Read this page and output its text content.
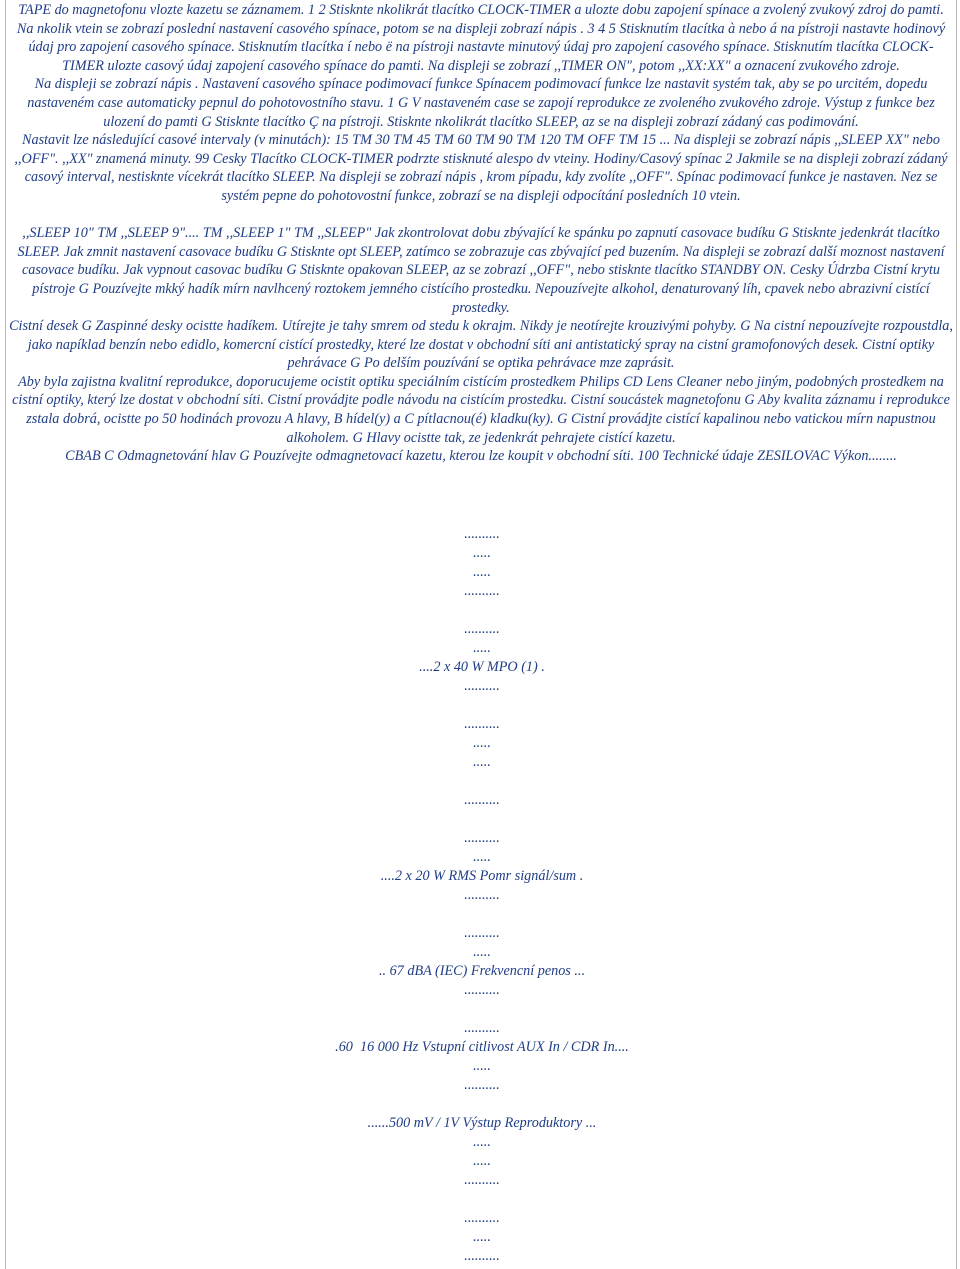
TAPE do magnetofonu vlozte kazetu se záznamem. 1 2 Stisknte nkolikrát tlacítko CLOCK-TIMER a ulozte dobu zapojení spínace a zvolený zvukový zdroj do pamti.

Na nkolik vtein se zobrazí poslední nastavení casového spínace, potom se na displeji zobrazí nápis . 3 4 5 Stisknutím tlacítka à nebo á na pístroji nastavte hodinový údaj pro zapojení casového spínace. Stisknutím tlacítka í nebo ë na pístroji nastavte minutový údaj pro zapojení casového spínace. Stisknutím tlacítka CLOCK-TIMER ulozte casový údaj zapojení casového spínace do pamti. Na displeji se zobrazí ,,TIMER ON", potom ,,XX:XX" a oznacení zvukového zdroje.

Na displeji se zobrazí nápis . Nastavení casového spínace podimovací funkce Spínacem podimovací funkce lze nastavit systém tak, aby se po urcitém, dopedu nastaveném case automaticky pepnul do pohotovostního stavu. 1 G V nastaveném case se zapojí reprodukce ze zvoleného zvukového zdroje. Výstup z funkce bez ulození do pamti G Stisknte tlacítko Ç na pístroji. Stisknte nkolikrát tlacítko SLEEP, az se na displeji zobrazí zádaný cas podimování.

Nastavit lze následující casové intervaly (v minutách): 15 TM 30 TM 45 TM 60 TM 90 TM 120 TM OFF TM 15 ... Na displeji se zobrazí nápis ,,SLEEP XX" nebo ,,OFF". ,,XX" znamená minuty. 99 Cesky Tlacítko CLOCK-TIMER podrzte stisknuté alespo dv vteiny. Hodiny/Casový spínac 2 Jakmile se na displeji zobrazí zádaný casový interval, nestisknte vícekrát tlacítko SLEEP. Na displeji se zobrazí nápis , krom pípadu, kdy zvolíte ,,OFF". Spínac podimovací funkce je nastaven. Nez se systém pepne do pohotovostní funkce, zobrazí se na displeji odpocítání posledních 10 vtein.

,,SLEEP 10" TM ,,SLEEP 9".... TM ,,SLEEP 1" TM ,,SLEEP" Jak zkontrolovat dobu zbývající ke spánku po zapnutí casovace budíku G Stisknte jedenkrát tlacítko SLEEP. Jak zmnit nastavení casovace budíku G Stisknte opt SLEEP, zatímco se zobrazuje cas zbývající ped buzením. Na displeji se zobrazí další moznost nastavení casovace budíku. Jak vypnout casovac budíku G Stisknte opakovan SLEEP, az se zobrazí ,,OFF", nebo stisknte tlacítko STANDBY ON. Cesky Údrzba Cistní krytu pístroje G Pouzívejte mkký hadík mírn navlhcený roztokem jemného cistícího prostedku. Nepouzívejte alkohol, denaturovaný líh, cpavek nebo abrazivní cistící prostedky.

Cistní desek G Zaspinné desky ocistte hadíkem. Utírejte je tahy smrem od stedu k okrajm. Nikdy je neotírejte krouzivými pohyby. G Na cistní nepouzívejte rozpoustdla, jako napíklad benzín nebo edidlo, komercní cistící prostedky, které lze dostat v obchodní síti ani antistatický spray na cistní gramofonových desek. Cistní optiky pehrávace G Po delším pouzívání se optika pehrávace mze zaprásit.

Aby byla zajistna kvalitní reprodukce, doporucujeme ocistit optiku speciálním cistícím prostedkem Philips CD Lens Cleaner nebo jiným, podobných prostedkem na cistní optiky, který lze dostat v obchodní síti. Cistní provádjte podle návodu na cistícím prostedku. Cistní soucástek magnetofonu G Aby kvalita záznamu i reprodukce zstala dobrá, ocistte po 50 hodinách provozu A hlavy, B hídel(y) a C pítlacnou(é) kladku(ky). G Cistní provádjte cistící kapalinou nebo vatickou mírn napustnou alkoholem. G Hlavy ocistte tak, ze jedenkrát pehrajete cistící kazetu.

CBAB C Odmagnetování hlav G Pouzívejte odmagnetovací kazetu, kterou lze koupit v obchodní síti. 100 Technické údaje ZESILOVAC Výkon........

..........
.....
.....
..........
..........
.....
....2 x 40 W MPO (1) .
..........
..........
.....
.....
..........
..........
.....
....2 x 20 W RMS Pomr signál/sum .
..........
..........
.....
.. 67 dBA (IEC) Frekvencní penos ...
..........
..........
.60  16 000 Hz Vstupní citlivost AUX In / CDR In....
.....
..........
......500 mV / 1V Výstup Reproduktory ...
.....
.....
..........
..........
.....
..........
